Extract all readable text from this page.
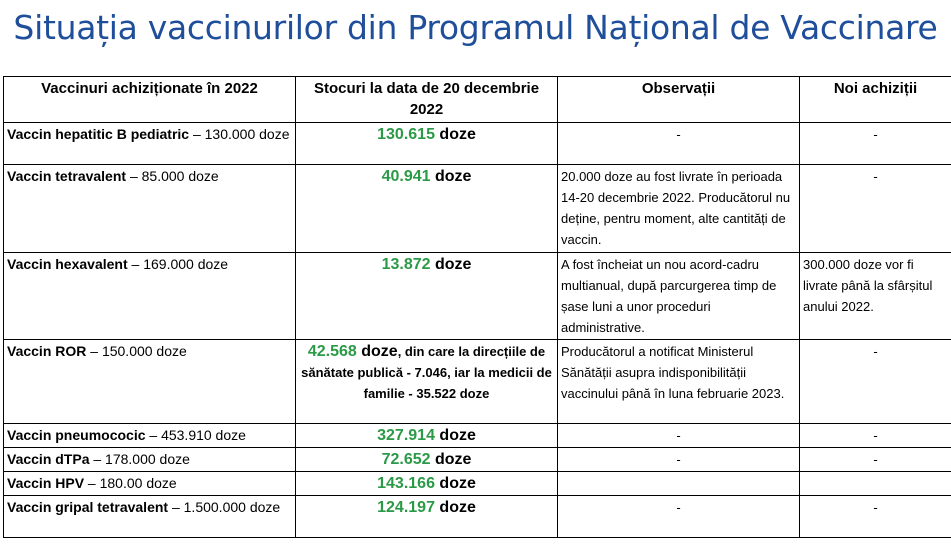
Situația vaccinurilor din Programul Național de Vaccinare
Vaccinuri achiziționate în 2022	Stocuri la data de 20 decembrie 2022	Observații	Noi achiziții
Vaccin hepatitic B pediatric – 130.000 doze	130.615 doze	-	-
Vaccin tetravalent – 85.000 doze	40.941 doze	20.000 doze au fost livrate în perioada 14-20 decembrie 2022. Producătorul nu deține, pentru moment, alte cantități de vaccin.	-
Vaccin hexavalent – 169.000 doze	13.872 doze	A fost încheiat un nou acord-cadru multianual, după parcurgerea timp de șase luni a unor proceduri administrative.	300.000 doze vor fi livrate până la sfârșitul anului 2022.
Vaccin ROR – 150.000 doze	42.568 doze, din care la direcțiile de sănătate publică - 7.046, iar la medicii de familie - 35.522 doze	Producătorul a notificat Ministerul Sănătății asupra indisponibilității vaccinului până în luna februarie 2023.	-
Vaccin pneumococic – 453.910 doze	327.914 doze	-	-
Vaccin dTPa – 178.000 doze	72.652 doze	-	-
Vaccin HPV – 180.00 doze	143.166 doze		
Vaccin gripal tetravalent – 1.500.000 doze	124.197 doze	-	-
